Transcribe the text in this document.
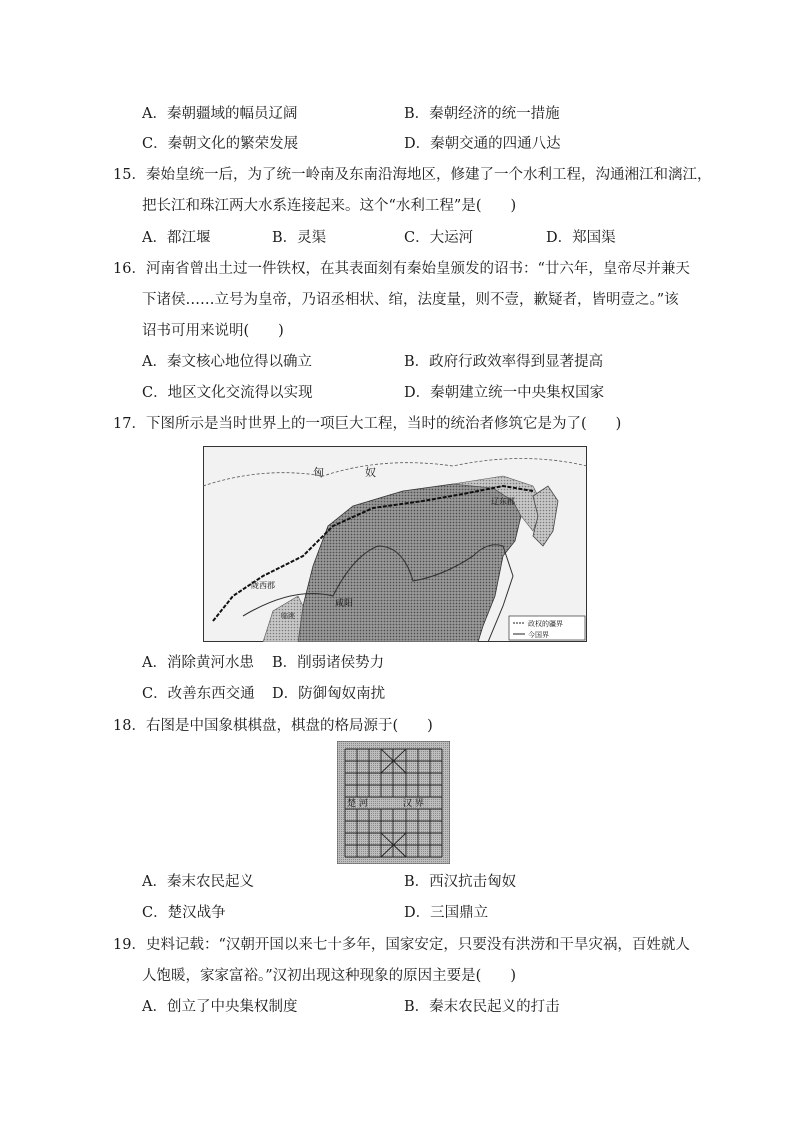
A．秦朝疆域的幅员辽阔	B．秦朝经济的统一措施
C．秦朝文化的繁荣发展	D．秦朝交通的四通八达
15．秦始皇统一后，为了统一岭南及东南沿海地区，修建了一个水利工程，沟通湘江和漓江，
把长江和珠江两大水系连接起来。这个“水利工程”是(　　)
A．都江堰	B．灵渠	C．大运河	D．郑国渠
16．河南省曾出土过一件铁权，在其表面刻有秦始皇颁发的诏书：“廿六年，皇帝尽并兼天
下诸侯……立号为皇帝，乃诏丞相状、绾，法度量，则不壹，歉疑者，皆明壹之。”该
诏书可用来说明(　　)
A．秦文核心地位得以确立	B．政府行政效率得到显著提高
C．地区文化交流得以实现	D．秦朝建立统一中央集权国家
17．下图所示是当时世界上的一项巨大工程，当时的统治者修筑它是为了(　　)
匈	奴
辽东郡
陇西郡
临洮
咸阳
政权的疆界
今国界
A．消除黄河水患 B．削弱诸侯势力
C．改善东西交通 D．防御匈奴南扰
18．右图是中国象棋棋盘，棋盘的格局源于(　　)
楚 河	汉 界
A．秦末农民起义	B．西汉抗击匈奴
C．楚汉战争	D．三国鼎立
19．史料记载：“汉朝开国以来七十多年，国家安定，只要没有洪涝和干旱灾祸，百姓就人
人饱暖，家家富裕。”汉初出现这种现象的原因主要是(　　)
A．创立了中央集权制度	B．秦末农民起义的打击
